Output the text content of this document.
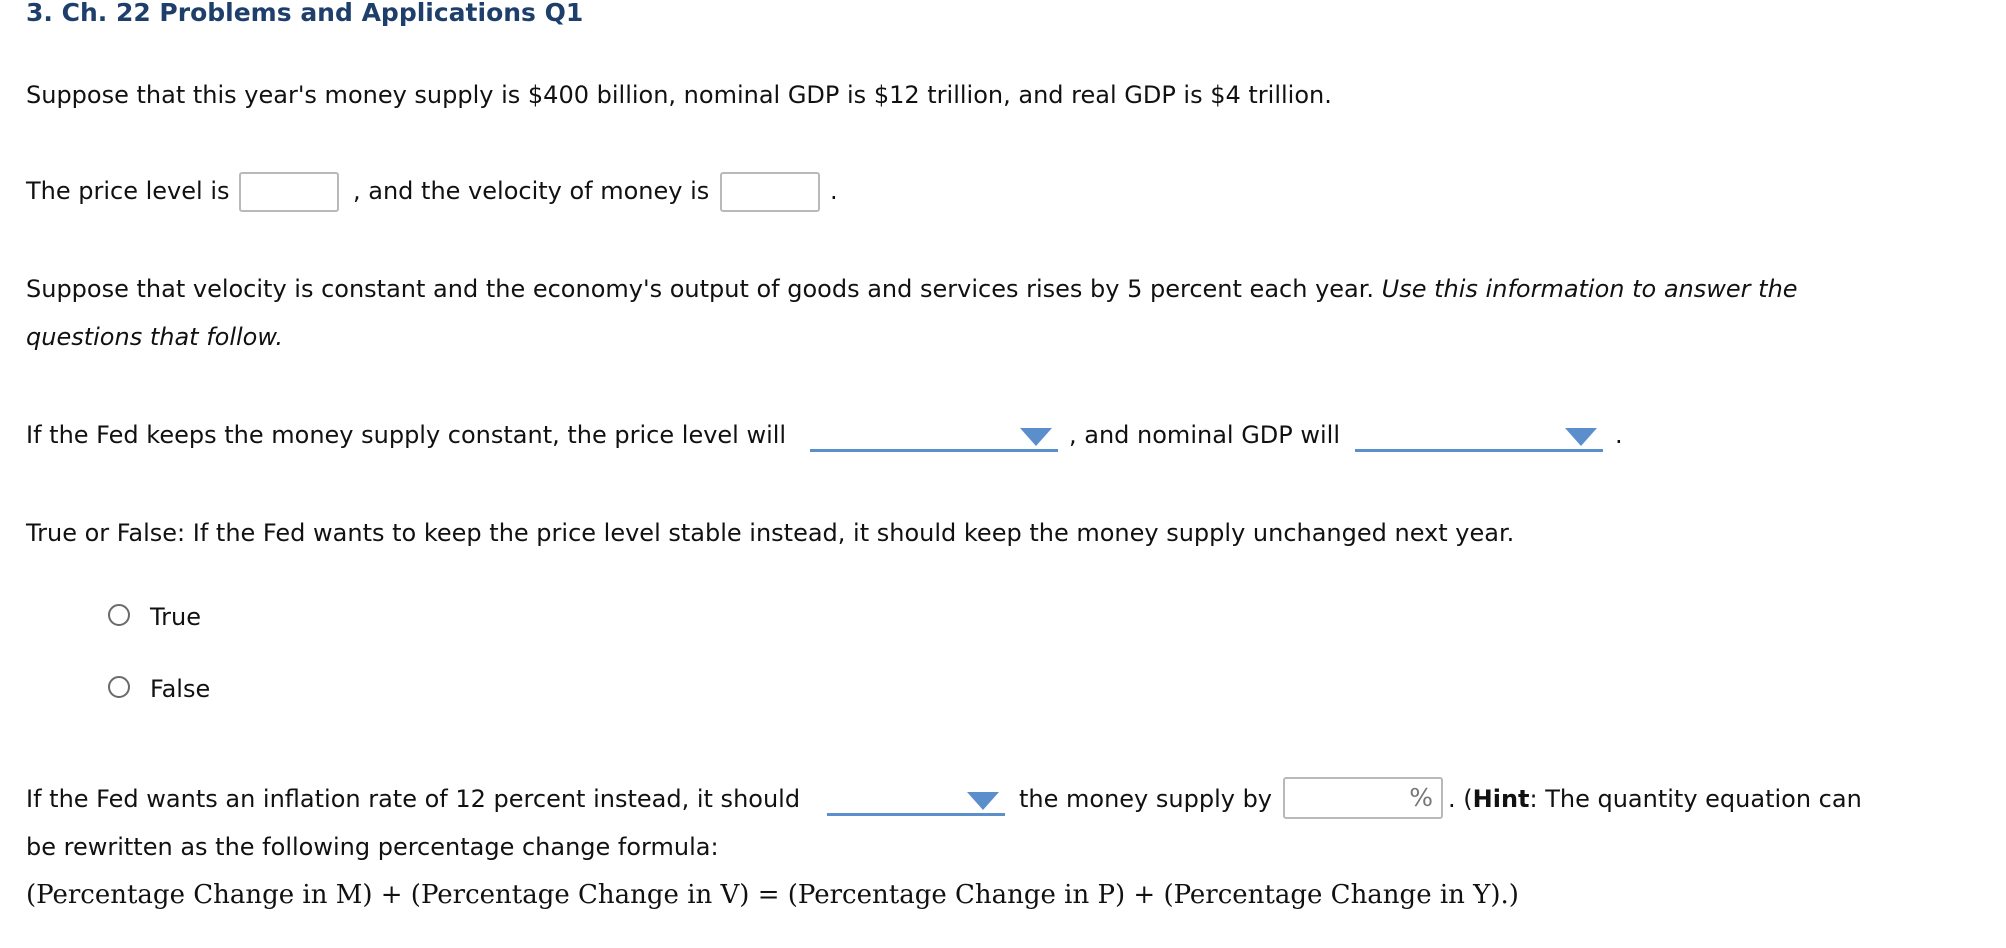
3. Ch. 22 Problems and Applications Q1
Suppose that this year's money supply is $400 billion, nominal GDP is $12 trillion, and real GDP is $4 trillion.
The price level is	, and the velocity of money is	.
Suppose that velocity is constant and the economy's output of goods and services rises by 5 percent each year. Use this information to answer the
questions that follow.
If the Fed keeps the money supply constant, the price level will	, and nominal GDP will	.
True or False: If the Fed wants to keep the price level stable instead, it should keep the money supply unchanged next year.
True
False
If the Fed wants an inflation rate of 12 percent instead, it should	the money supply by	% . (Hint: The quantity equation can
be rewritten as the following percentage change formula:
(Percentage Change in M) + (Percentage Change in V) = (Percentage Change in P) + (Percentage Change in Y).)
